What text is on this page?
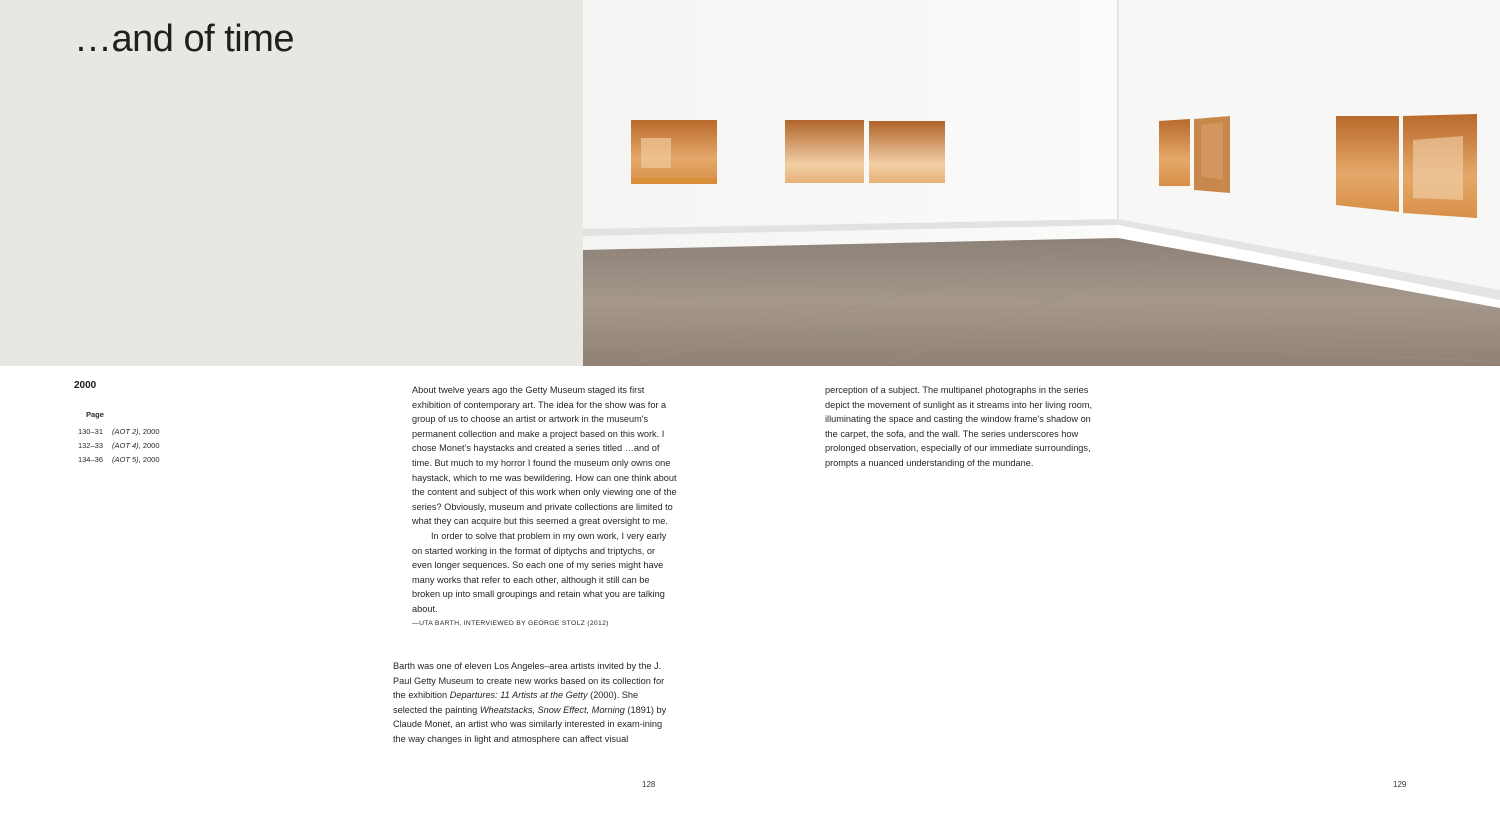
…and of time
2000
Page
130–31 (AOT 2) , 2000
132–33 (AOT 4) , 2000
134–36 (AOT 5) , 2000

About twelve years ago the Getty Museum staged its first exhibition of contemporary art. The idea for the show was for a group of us to choose an artist or artwork in the museum's permanent collection and make a project based on this work. I chose Monet's haystacks and created a series titled …and of time. But much to my horror I found the museum only owns one haystack, which to me was bewildering. How can one think about the content and subject of this work when only viewing one of the series? Obviously, museum and private collections are limited to what they can acquire but this seemed a great oversight to me.

In order to solve that problem in my own work, I very early on started working in the format of diptychs and triptychs, or even longer sequences. So each one of my series might have many works that refer to each other, although it still can be broken up into small groupings and retain what you are talking about.

—UTA BARTH, INTERVIEWED BY GEORGE STOLZ (2012)

Barth was one of eleven Los Angeles–area artists invited by the J. Paul Getty Museum to create new works based on its collection for the exhibition Departures: 11 Artists at the Getty (2000). She selected the painting Wheatstacks, Snow Effect, Morning (1891) by Claude Monet, an artist who was similarly interested in exam-ining the way changes in light and atmosphere can affect visual

perception of a subject. The multipanel photographs in the series depict the movement of sunlight as it streams into her living room, illuminating the space and casting the window frame's shadow on the carpet, the sofa, and the wall. The series underscores how prolonged observation, especially of our immediate surroundings, prompts a nuanced understanding of the mundane.

128	129
